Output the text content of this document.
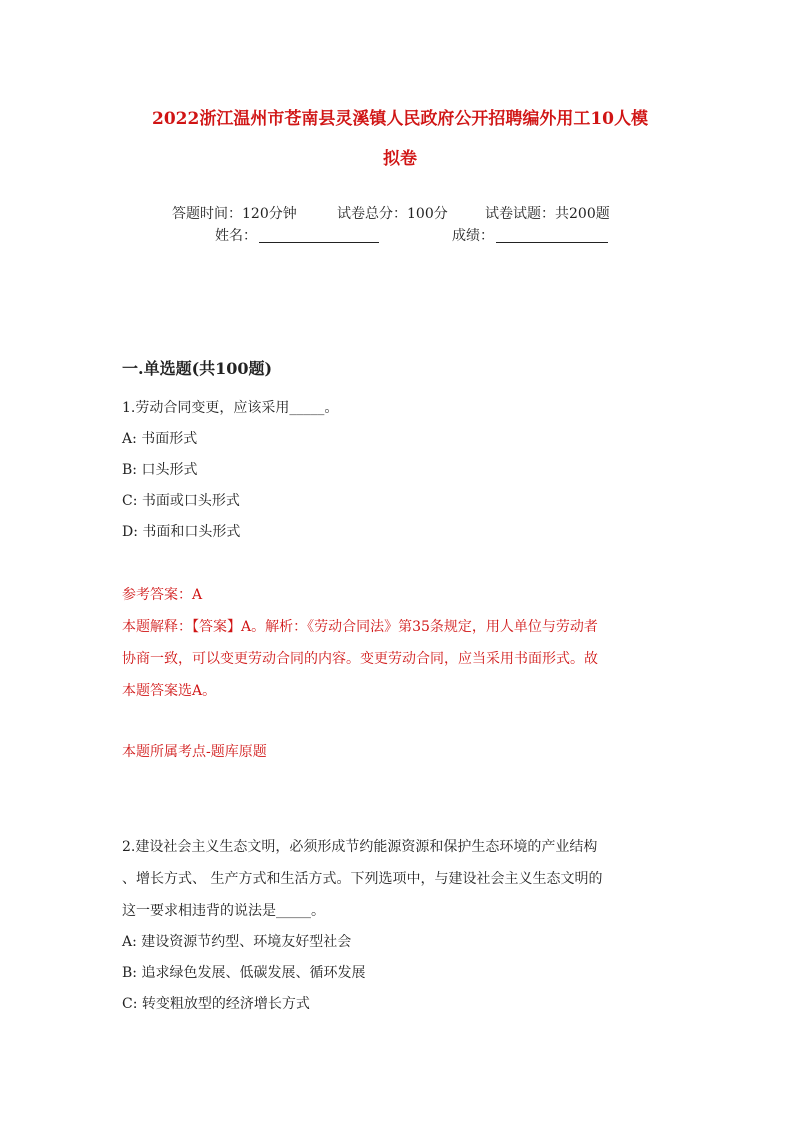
2022浙江温州市苍南县灵溪镇人民政府公开招聘编外用工10人模
拟卷
答题时间：120分钟	试卷总分：100分	试卷试题：共200题
姓名：	成绩：
一.单选题(共100题)
1.劳动合同变更，应该采用_____。
A: 书面形式
B: 口头形式
C: 书面或口头形式
D: 书面和口头形式
参考答案：A
本题解释：【答案】A。解析：《劳动合同法》第35条规定，用人单位与劳动者
协商一致，可以变更劳动合同的内容。变更劳动合同，应当采用书面形式。故
本题答案选A。
本题所属考点-题库原题
2.建设社会主义生态文明，必须形成节约能源资源和保护生态环境的产业结构
、增长方式、 生产方式和生活方式。下列选项中，与建设社会主义生态文明的
这一要求相违背的说法是_____。
A: 建设资源节约型、环境友好型社会
B: 追求绿色发展、低碳发展、循环发展
C: 转变粗放型的经济增长方式
